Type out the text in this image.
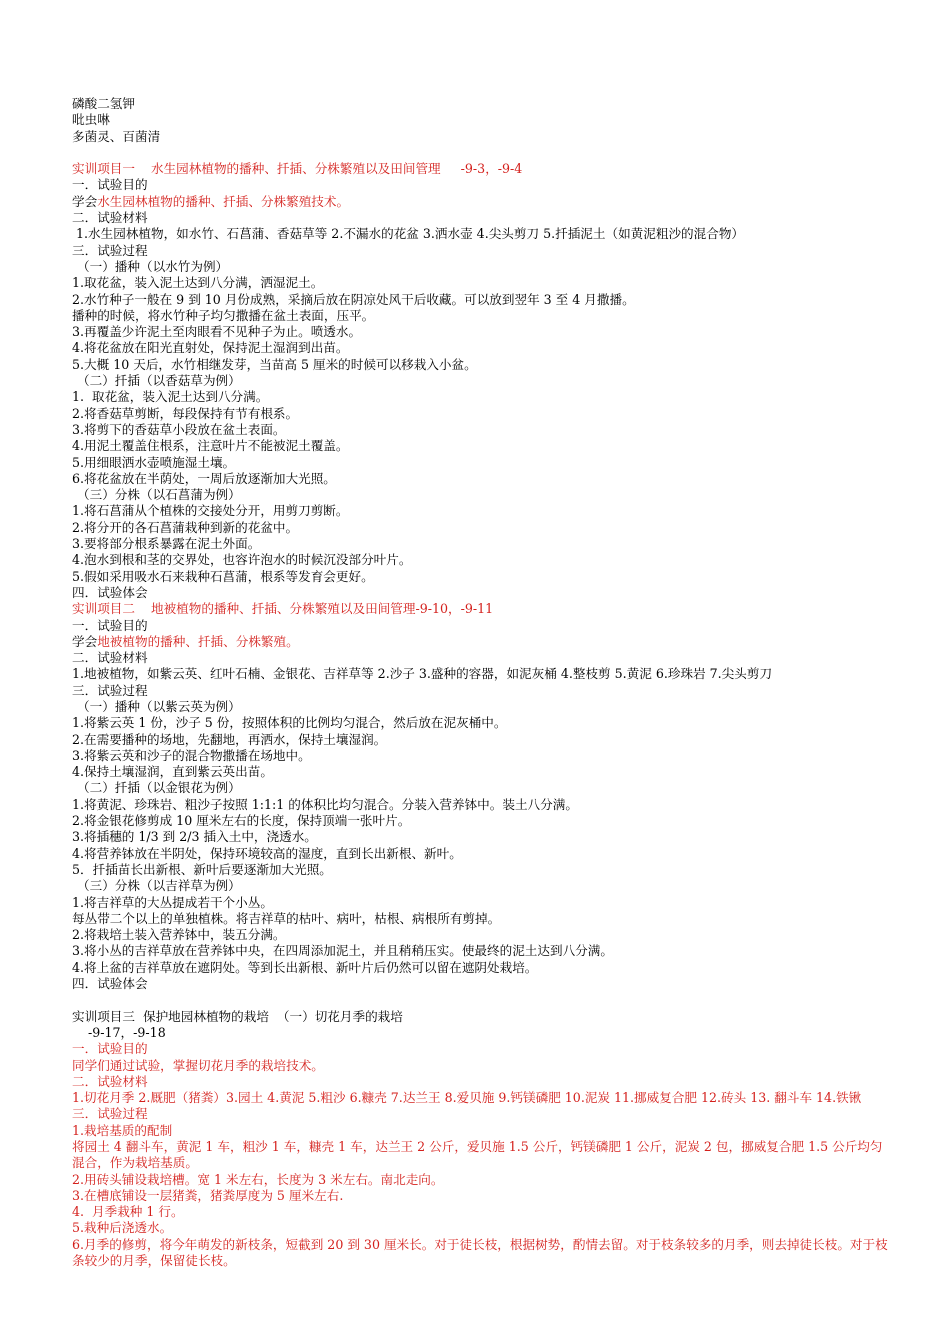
磷酸二氢钾
吡虫啉
多菌灵、百菌清
实训项目一    水生园林植物的播种、扦插、分株繁殖以及田间管理     -9-3，-9-4
一．试验目的
学会水生园林植物的播种、扦插、分株繁殖技术。
二．试验材料
1.水生园林植物，如水竹、石菖蒲、香菇草等 2.不漏水的花盆 3.洒水壶 4.尖头剪刀 5.扦插泥土（如黄泥粗沙的混合物）
三．试验过程
（一）播种（以水竹为例）
1.取花盆，装入泥土达到八分满，洒湿泥土。
2.水竹种子一般在 9 到 10 月份成熟，采摘后放在阴凉处风干后收藏。可以放到翌年 3 至 4 月撒播。
播种的时候，将水竹种子均匀撒播在盆土表面，压平。
3.再覆盖少许泥土至肉眼看不见种子为止。喷透水。
4.将花盆放在阳光直射处，保持泥土湿润到出苗。
5.大概 10 天后，水竹相继发芽，当苗高 5 厘米的时候可以移栽入小盆。
（二）扦插（以香菇草为例）
1.  取花盆，装入泥土达到八分满。
2.将香菇草剪断，每段保持有节有根系。
3.将剪下的香菇草小段放在盆土表面。
4.用泥土覆盖住根系，注意叶片不能被泥土覆盖。
5.用细眼洒水壶喷施湿土壤。
6.将花盆放在半荫处，一周后放逐渐加大光照。
（三）分株（以石菖蒲为例）
1.将石菖蒲从个植株的交接处分开，用剪刀剪断。
2.将分开的各石菖蒲栽种到新的花盆中。
3.要将部分根系暴露在泥土外面。
4.泡水到根和茎的交界处，也容许泡水的时候沉没部分叶片。
5.假如采用吸水石来栽种石菖蒲，根系等发育会更好。
四．试验体会
实训项目二    地被植物的播种、扦插、分株繁殖以及田间管理-9-10，-9-11
一．试验目的
学会地被植物的播种、扦插、分株繁殖。
二．试验材料
1.地被植物，如紫云英、红叶石楠、金银花、吉祥草等 2.沙子 3.盛种的容器，如泥灰桶 4.整枝剪 5.黄泥 6.珍珠岩 7.尖头剪刀
三．试验过程
（一）播种（以紫云英为例）
1.将紫云英 1 份，沙子 5 份，按照体积的比例均匀混合，然后放在泥灰桶中。
2.在需要播种的场地，先翻地，再洒水，保持土壤湿润。
3.将紫云英和沙子的混合物撒播在场地中。
4.保持土壤湿润，直到紫云英出苗。
（二）扦插（以金银花为例）
1.将黄泥、珍珠岩、粗沙子按照 1:1:1 的体积比均匀混合。分装入营养钵中。装土八分满。
2.将金银花修剪成 10 厘米左右的长度，保持顶端一张叶片。
3.将插穗的 1/3 到 2/3 插入土中，浇透水。
4.将营养钵放在半阴处，保持环境较高的湿度，直到长出新根、新叶。
5．扦插苗长出新根、新叶后要逐渐加大光照。
（三）分株（以吉祥草为例）
1.将吉祥草的大丛提成若干个小丛。
每丛带二个以上的单独植株。将吉祥草的枯叶、病叶，枯根、病根所有剪掉。
2.将栽培土装入营养钵中，装五分满。
3.将小丛的吉祥草放在营养钵中央，在四周添加泥土，并且稍稍压实。使最终的泥土达到八分满。
4.将上盆的吉祥草放在遮阴处。等到长出新根、新叶片后仍然可以留在遮阴处栽培。
四．试验体会
实训项目三  保护地园林植物的栽培  （一）切花月季的栽培
-9-17，-9-18
一．试验目的
同学们通过试验，掌握切花月季的栽培技术。
二．试验材料
1.切花月季 2.厩肥（猪粪）3.园土 4.黄泥 5.粗沙 6.糠壳 7.达兰王 8.爱贝施 9.钙镁磷肥 10.泥炭 11.挪威复合肥 12.砖头 13. 翻斗车 14.铁锹
三．试验过程
1.栽培基质的配制
将园土 4 翻斗车，黄泥 1 车，粗沙 1 车，糠壳 1 车，达兰王 2 公斤，爱贝施 1.5 公斤，钙镁磷肥 1 公斤，泥炭 2 包，挪威复合肥 1.5 公斤均匀混合，作为栽培基质。
2.用砖头铺设栽培槽。宽 1 米左右，长度为 3 米左右。南北走向。
3.在槽底铺设一层猪粪，猪粪厚度为 5 厘米左右.
4.  月季栽种 1 行。
5.栽种后浇透水。
6.月季的修剪，将今年萌发的新枝条，短截到 20 到 30 厘米长。对于徒长枝，根据树势，酌情去留。对于枝条较多的月季，则去掉徒长枝。对于枝条较少的月季，保留徒长枝。
